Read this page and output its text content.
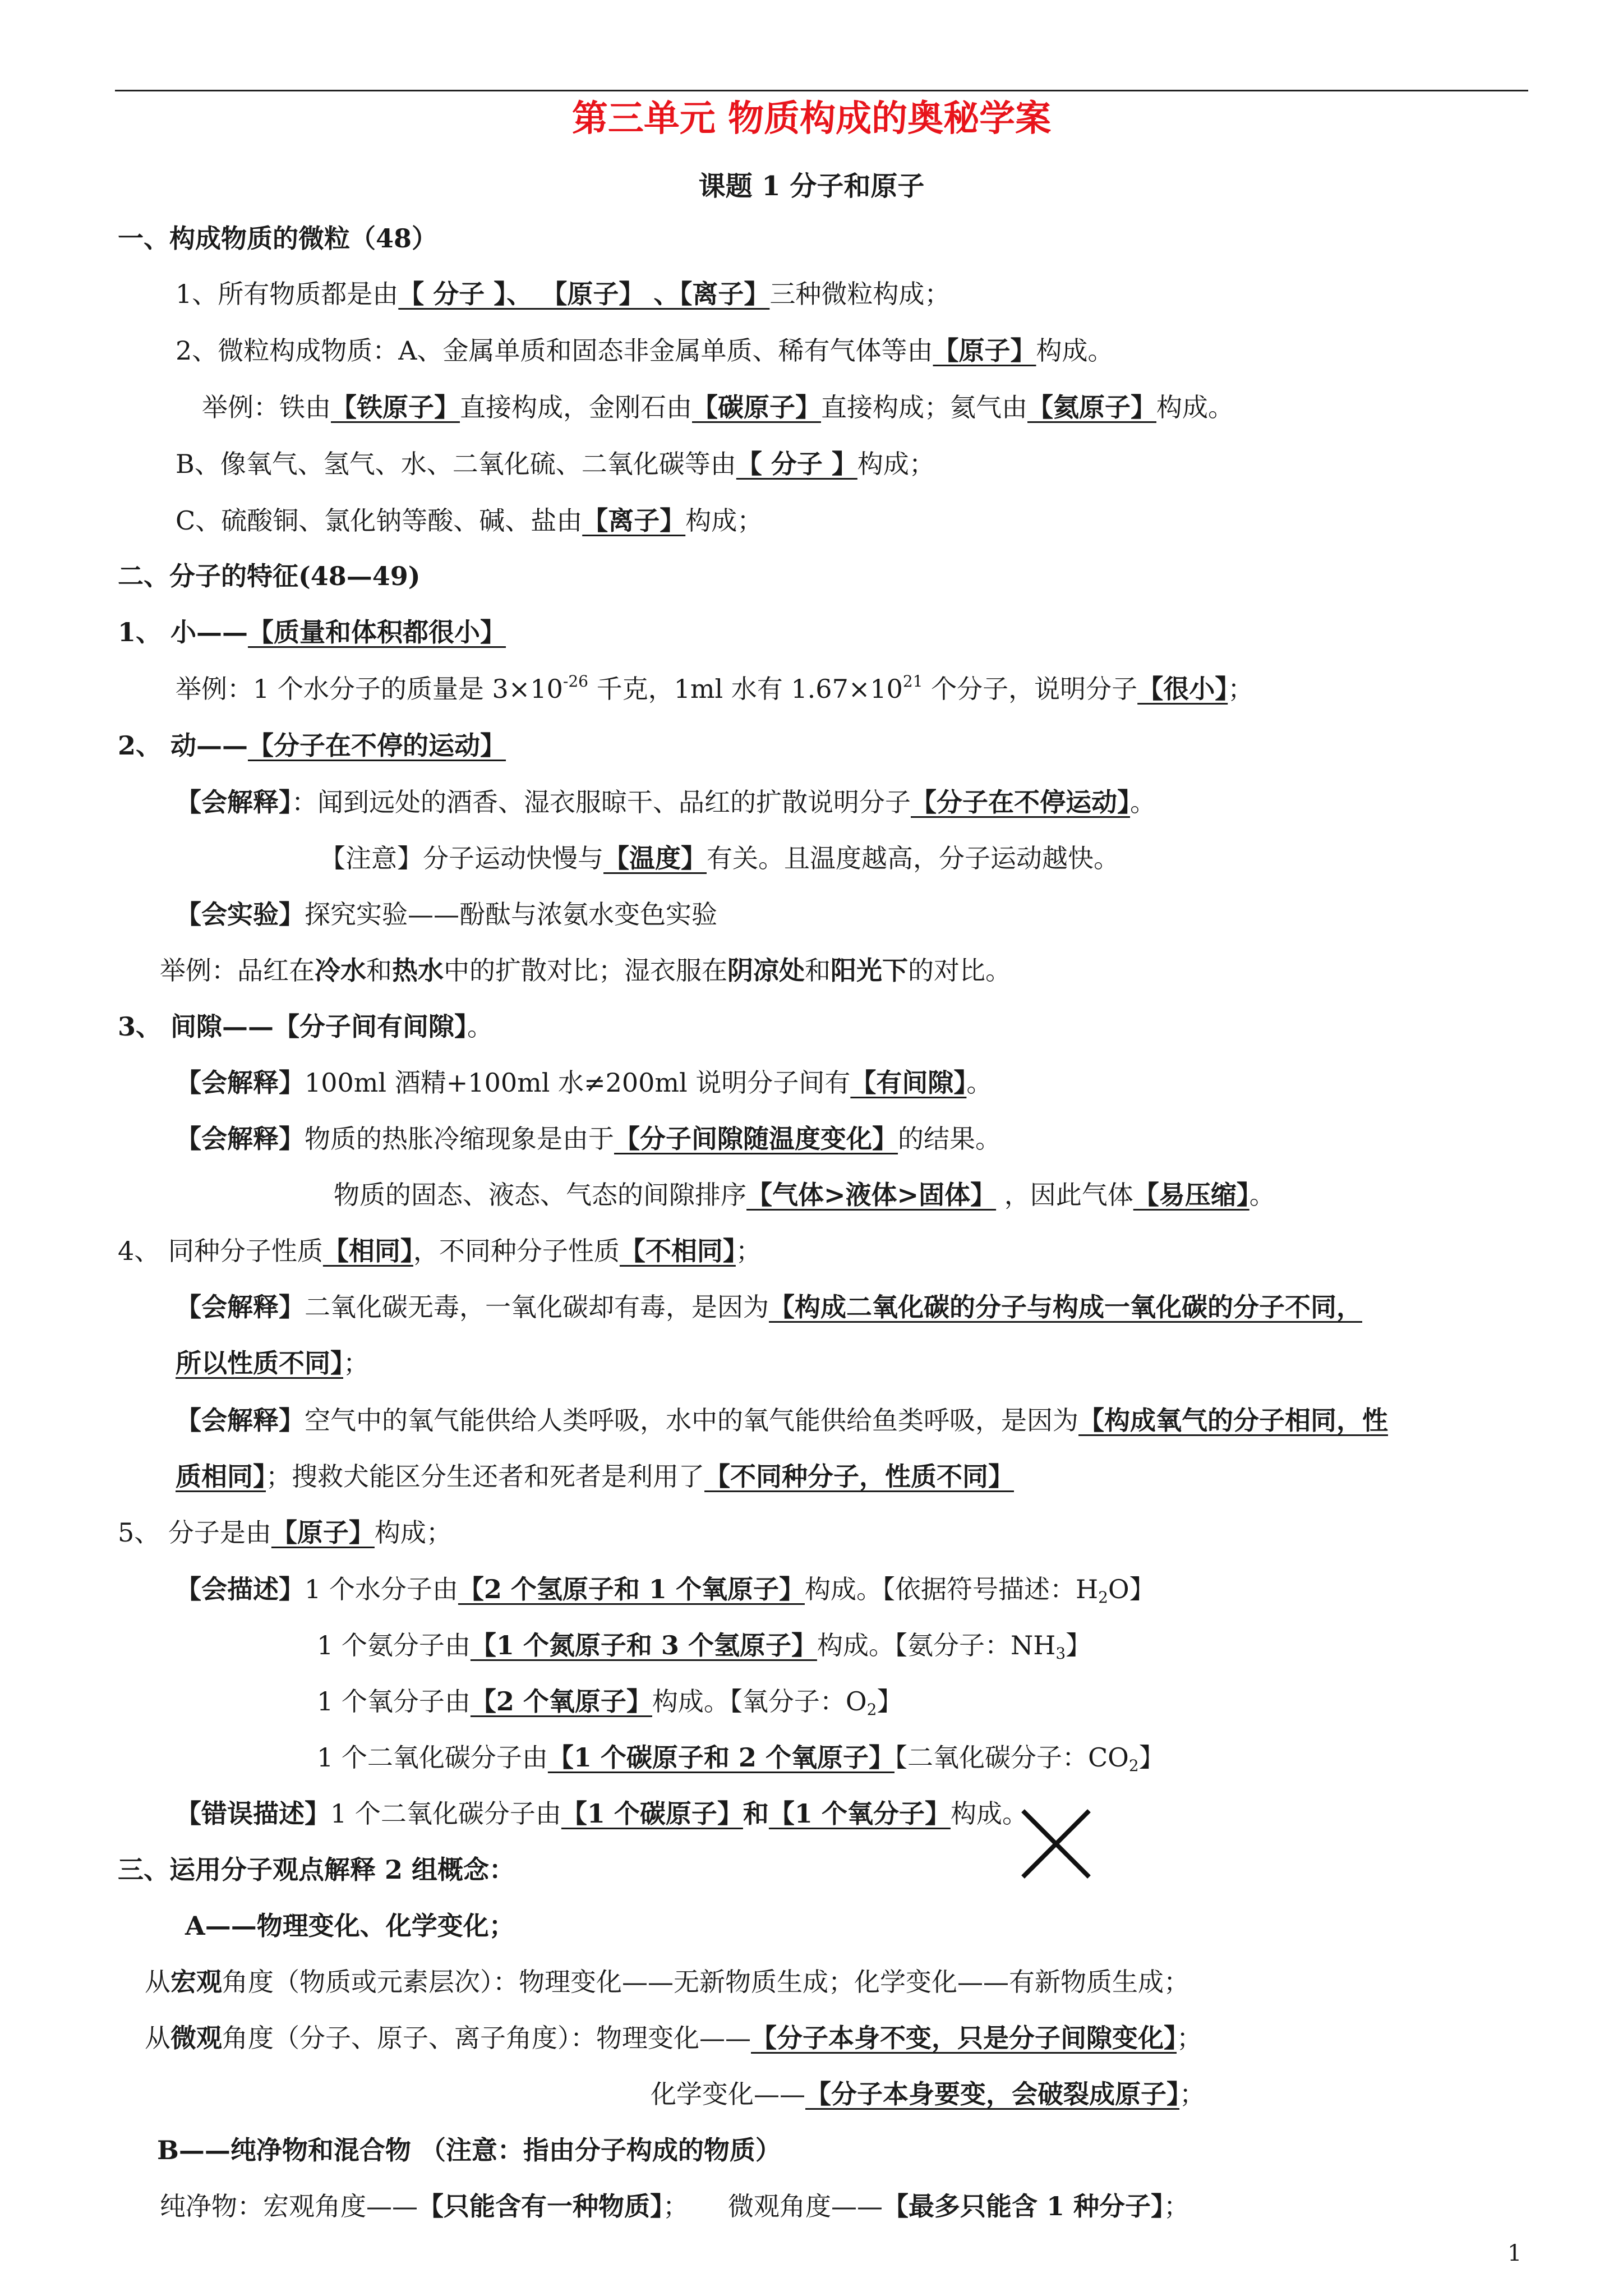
第三单元 物质构成的奥秘学案
课题 1 分子和原子
一、构成物质的微粒（48）
1、所有物质都是由【 分子 】、 【原子】 、【离子】三种微粒构成；
2、微粒构成物质：A、金属单质和固态非金属单质、稀有气体等由【原子】构成。
举例：铁由【铁原子】直接构成，金刚石由【碳原子】直接构成；氦气由【氦原子】构成。
B、像氧气、氢气、水、二氧化硫、二氧化碳等由【 分子 】构成；
C、硫酸铜、氯化钠等酸、碱、盐由【离子】构成；
二、分子的特征(48—49)
1、 小——【质量和体积都很小】
举例：1 个水分子的质量是 $3\times 10^{-26}$ 千克，1ml 水有 $1.67\times 10^{21}$ 个分子，说明分子【很小】；
2、 动——【分子在不停的运动】
【会解释】：闻到远处的酒香、湿衣服晾干、品红的扩散说明分子【分子在不停运动】。
【注意】分子运动快慢与【温度】有关。且温度越高，分子运动越快。
【会实验】探究实验——酚酞与浓氨水变色实验
举例：品红在冷水和热水中的扩散对比；湿衣服在阴凉处和阳光下的对比。
3、 间隙——【分子间有间隙】。
【会解释】100ml 酒精+100ml 水≠200ml 说明分子间有【有间隙】。
【会解释】物质的热胀冷缩现象是由于【分子间隙随温度变化】的结果。
物质的固态、液态、气态的间隙排序【气体>液体>固体】 ，因此气体【易压缩】。
4、 同种分子性质【相同】，不同种分子性质【不相同】；
【会解释】二氧化碳无毒，一氧化碳却有毒，是因为【构成二氧化碳的分子与构成一氧化碳的分子不同，
所以性质不同】；
【会解释】空气中的氧气能供给人类呼吸，水中的氧气能供给鱼类呼吸，是因为【构成氧气的分子相同，性
质相同】；搜救犬能区分生还者和死者是利用了【不同种分子，性质不同】
5、 分子是由【原子】构成；
【会描述】1 个水分子由【2 个氢原子和 1 个氧原子】构成。【依据符号描述：$H_2O$】
1 个氨分子由【1 个氮原子和 3 个氢原子】构成。【氨分子：$NH_3$】
1 个氧分子由【2 个氧原子】构成。【氧分子：$O_2$】
1 个二氧化碳分子由【1 个碳原子和 2 个氧原子】【二氧化碳分子：$CO_2$】
【错误描述】1 个二氧化碳分子由【1 个碳原子】和【1 个氧分子】构成。
三、运用分子观点解释 2 组概念：
A——物理变化、化学变化；
从宏观角度（物质或元素层次）：物理变化——无新物质生成；化学变化——有新物质生成；
从微观角度（分子、原子、离子角度）：物理变化——【分子本身不变，只是分子间隙变化】；
化学变化——【分子本身要变，会破裂成原子】；
B——纯净物和混合物 （注意：指由分子构成的物质）
纯净物：宏观角度——【只能含有一种物质】； 微观角度——【最多只能含 1 种分子】；
1
